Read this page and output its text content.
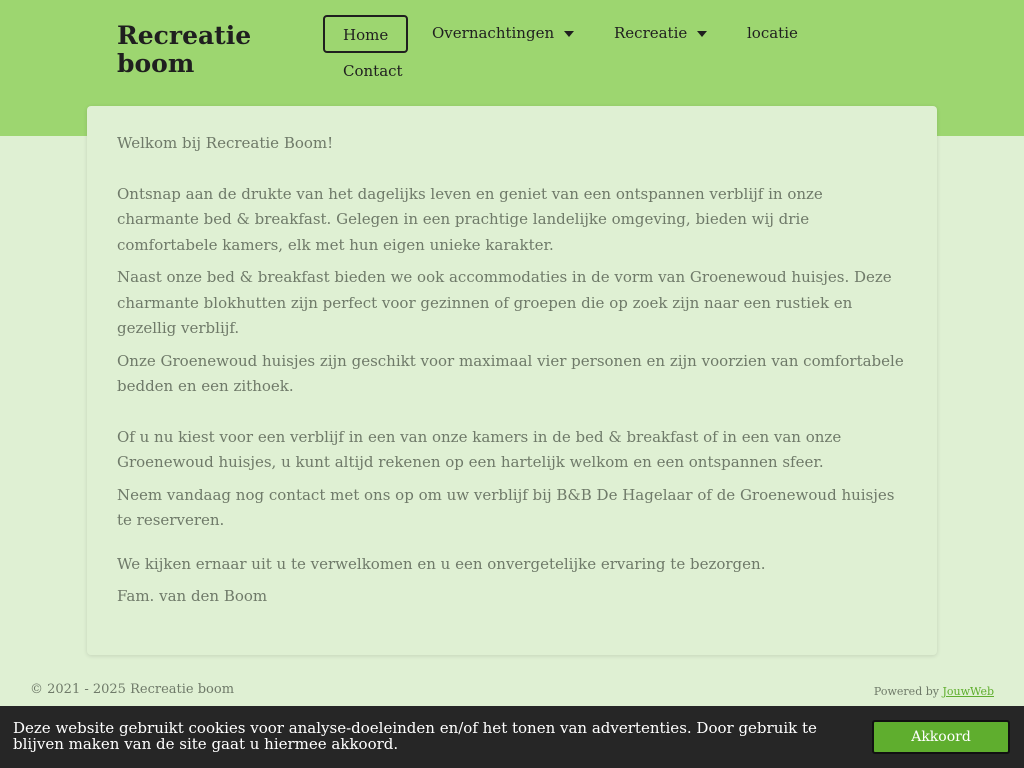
Recreatie boom
Home	Overnachtingen	Recreatie	locatie
Contact

Welkom bij Recreatie Boom!

Ontsnap aan de drukte van het dagelijks leven en geniet van een ontspannen verblijf in onze charmante bed & breakfast. Gelegen in een prachtige landelijke omgeving, bieden wij drie comfortabele kamers, elk met hun eigen unieke karakter.

Naast onze bed & breakfast bieden we ook accommodaties in de vorm van Groenewoud huisjes. Deze charmante blokhutten zijn perfect voor gezinnen of groepen die op zoek zijn naar een rustiek en gezellig verblijf.

Onze Groenewoud huisjes zijn geschikt voor maximaal vier personen en zijn voorzien van comfortabele bedden en een zithoek.

Of u nu kiest voor een verblijf in een van onze kamers in de bed & breakfast of in een van onze Groenewoud huisjes, u kunt altijd rekenen op een hartelijk welkom en een ontspannen sfeer.

Neem vandaag nog contact met ons op om uw verblijf bij B&B De Hagelaar of de Groenewoud huisjes te reserveren.

We kijken ernaar uit u te verwelkomen en u een onvergetelijke ervaring te bezorgen.

Fam. van den Boom

© 2021 - 2025 Recreatie boom	Powered by JouwWeb
Deze website gebruikt cookies voor analyse-doeleinden en/of het tonen van advertenties. Door gebruik te blijven maken van de site gaat u hiermee akkoord.	Akkoord
